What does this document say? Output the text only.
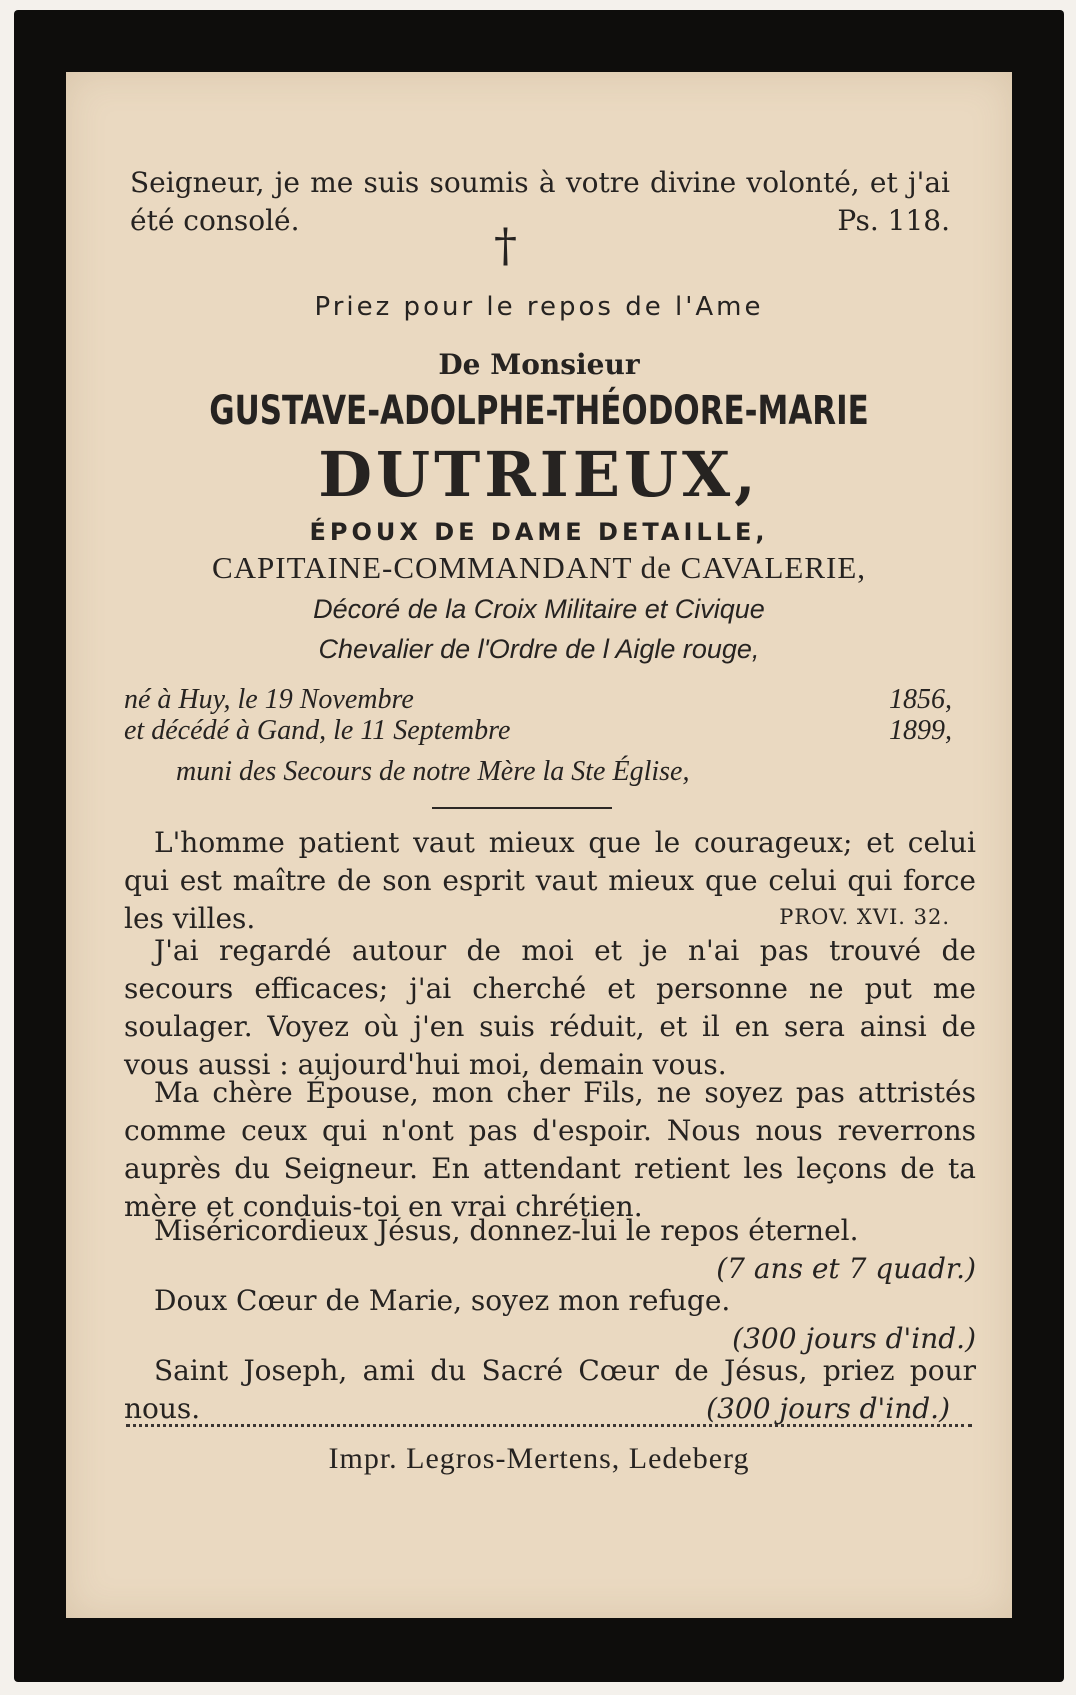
Seigneur, je me suis soumis à votre divine volonté, et j'ai été consolé.	Ps. 118.
†
Priez pour le repos de l'Ame
De Monsieur
GUSTAVE-ADOLPHE-THÉODORE-MARIE
DUTRIEUX,
ÉPOUX DE DAME DETAILLE,
CAPITAINE-COMMANDANT de CAVALERIE,
Décoré de la Croix Militaire et Civique
Chevalier de l'Ordre de l Aigle rouge,
né à Huy, le 19 Novembre	1856,
et décédé à Gand, le 11 Septembre	1899,
muni des Secours de notre Mère la Ste Église,
L'homme patient vaut mieux que le courageux; et celui qui est maître de son esprit vaut mieux que celui qui force les villes.	PROV. XVI. 32.
J'ai regardé autour de moi et je n'ai pas trouvé de secours efficaces; j'ai cherché et personne ne put me soulager. Voyez où j'en suis réduit, et il en sera ainsi de vous aussi : aujourd'hui moi, demain vous.
Ma chère Épouse, mon cher Fils, ne soyez pas attristés comme ceux qui n'ont pas d'espoir. Nous nous reverrons auprès du Seigneur. En attendant retient les leçons de ta mère et conduis-toi en vrai chrétien.
Miséricordieux Jésus, donnez-lui le repos éternel.
(7 ans et 7 quadr.)
Doux Cœur de Marie, soyez mon refuge.
(300 jours d'ind.)
Saint Joseph, ami du Sacré Cœur de Jésus, priez pour nous.	(300 jours d'ind.)
Impr. Legros-Mertens, Ledeberg
